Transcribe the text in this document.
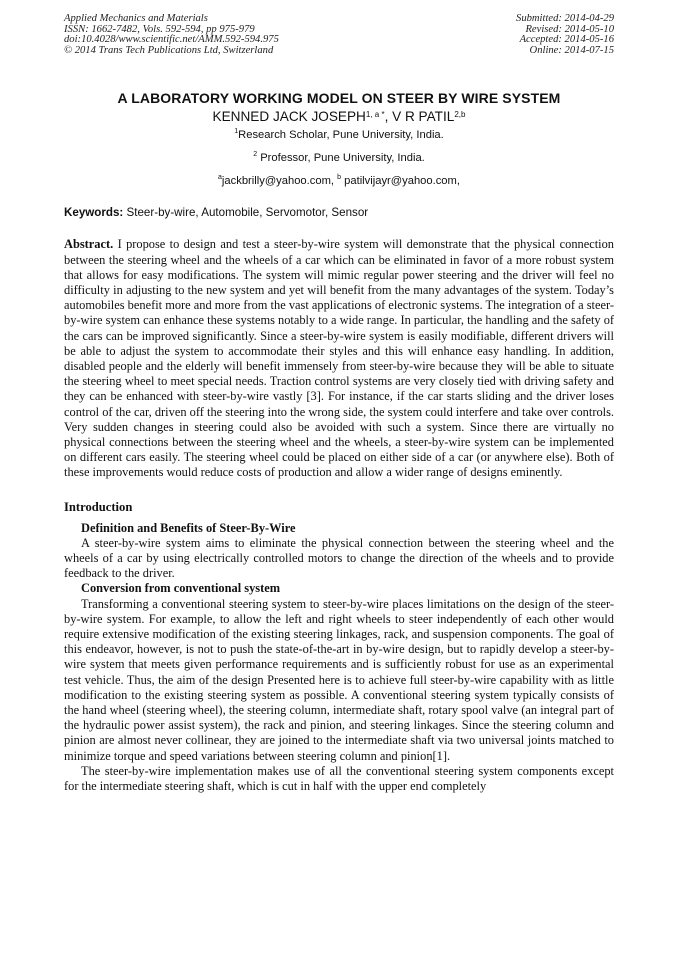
Applied Mechanics and Materials
ISSN: 1662-7482, Vols. 592-594, pp 975-979
doi:10.4028/www.scientific.net/AMM.592-594.975
© 2014 Trans Tech Publications Ltd, Switzerland
Submitted: 2014-04-29
Revised: 2014-05-10
Accepted: 2014-05-16
Online: 2014-07-15
A LABORATORY WORKING MODEL ON STEER BY WIRE SYSTEM
KENNED JACK $JOSEPH^{1, a *}$, V R PATIL$^{2,b}$
$^1$Research Scholar, Pune University, India.
$^2$ Professor, Pune University, India.
$^a$jackbrilly@yahoo.com, $^b$ patilvijayr@yahoo.com,
Keywords: Steer-by-wire, Automobile, Servomotor, Sensor
Abstract. I propose to design and test a steer-by-wire system will demonstrate that the physical connection between the steering wheel and the wheels of a car which can be eliminated in favor of a more robust system that allows for easy modifications. The system will mimic regular power steering and the driver will feel no difficulty in adjusting to the new system and yet will benefit from the many advantages of the system. Today’s automobiles benefit more and more from the vast applications of electronic systems. The integration of a steer-by-wire system can enhance these systems notably to a wide range. In particular, the handling and the safety of the cars can be improved significantly. Since a steer-by-wire system is easily modifiable, different drivers will be able to adjust the system to accommodate their styles and this will enhance easy handling. In addition, disabled people and the elderly will benefit immensely from steer-by-wire because they will be able to situate the steering wheel to meet special needs. Traction control systems are very closely tied with driving safety and they can be enhanced with steer-by-wire vastly [3]. For instance, if the car starts sliding and the driver loses control of the car, driven off the steering into the wrong side, the system could interfere and take over controls. Very sudden changes in steering could also be avoided with such a system. Since there are virtually no physical connections between the steering wheel and the wheels, a steer-by-wire system can be implemented on different cars easily. The steering wheel could be placed on either side of a car (or anywhere else). Both of these improvements would reduce costs of production and allow a wider range of designs eminently.
Introduction
Definition and Benefits of Steer-By-Wire
A steer-by-wire system aims to eliminate the physical connection between the steering wheel and the wheels of a car by using electrically controlled motors to change the direction of the wheels and to provide feedback to the driver.
Conversion from conventional system
Transforming a conventional steering system to steer-by-wire places limitations on the design of the steer-by-wire system. For example, to allow the left and right wheels to steer independently of each other would require extensive modification of the existing steering linkages, rack, and suspension components. The goal of this endeavor, however, is not to push the state-of-the-art in by-wire design, but to rapidly develop a steer-by-wire system that meets given performance requirements and is sufficiently robust for use as an experimental test vehicle. Thus, the aim of the design Presented here is to achieve full steer-by-wire capability with as little modification to the existing steering system as possible. A conventional steering system typically consists of the hand wheel (steering wheel), the steering column, intermediate shaft, rotary spool valve (an integral part of the hydraulic power assist system), the rack and pinion, and steering linkages. Since the steering column and pinion are almost never collinear, they are joined to the intermediate shaft via two universal joints matched to minimize torque and speed variations between steering column and pinion[1].
The steer-by-wire implementation makes use of all the conventional steering system components except for the intermediate steering shaft, which is cut in half with the upper end completely
